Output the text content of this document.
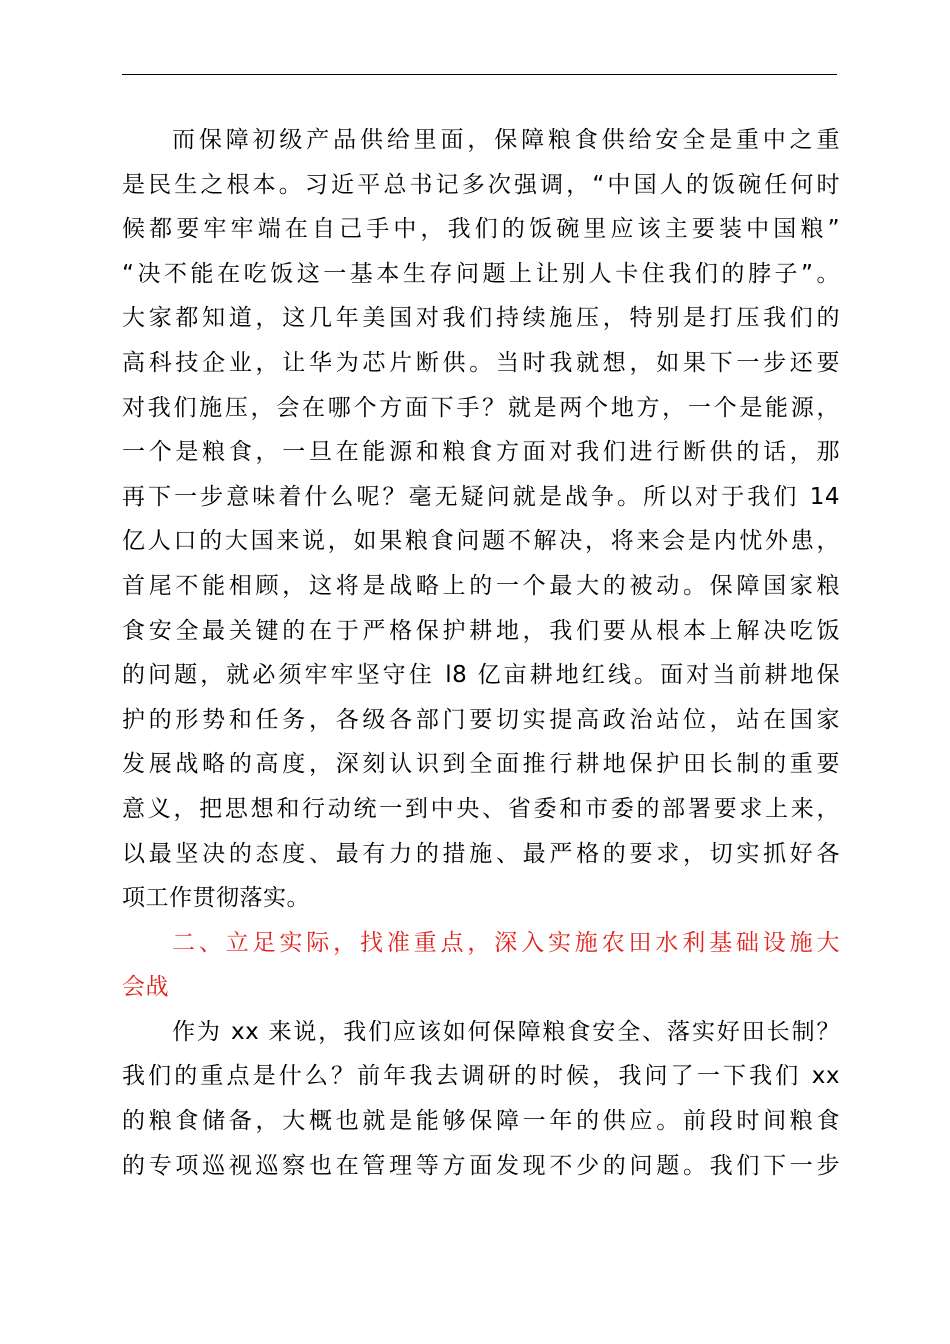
而保障初级产品供给里面，保障粮食供给安全是重中之重
是民生之根本。习近平总书记多次强调，“中国人的饭碗任何时
候都要牢牢端在自己手中，我们的饭碗里应该主要装中国粮”
“决不能在吃饭这一基本生存问题上让别人卡住我们的脖子”。
大家都知道，这几年美国对我们持续施压，特别是打压我们的
高科技企业，让华为芯片断供。当时我就想，如果下一步还要
对我们施压，会在哪个方面下手？就是两个地方，一个是能源，
一个是粮食，一旦在能源和粮食方面对我们进行断供的话，那
再下一步意味着什么呢？毫无疑问就是战争。所以对于我们 14
亿人口的大国来说，如果粮食问题不解决，将来会是内忧外患，
首尾不能相顾，这将是战略上的一个最大的被动。保障国家粮
食安全最关键的在于严格保护耕地，我们要从根本上解决吃饭
的问题，就必须牢牢坚守住 l8 亿亩耕地红线。面对当前耕地保
护的形势和任务，各级各部门要切实提高政治站位，站在国家
发展战略的高度，深刻认识到全面推行耕地保护田长制的重要
意义，把思想和行动统一到中央、省委和市委的部署要求上来，
以最坚决的态度、最有力的措施、最严格的要求，切实抓好各
项工作贯彻落实。
二、立足实际，找准重点，深入实施农田水利基础设施大
会战
作为 xx 来说，我们应该如何保障粮食安全、落实好田长制？
我们的重点是什么？前年我去调研的时候，我问了一下我们 xx
的粮食储备，大概也就是能够保障一年的供应。前段时间粮食
的专项巡视巡察也在管理等方面发现不少的问题。我们下一步
